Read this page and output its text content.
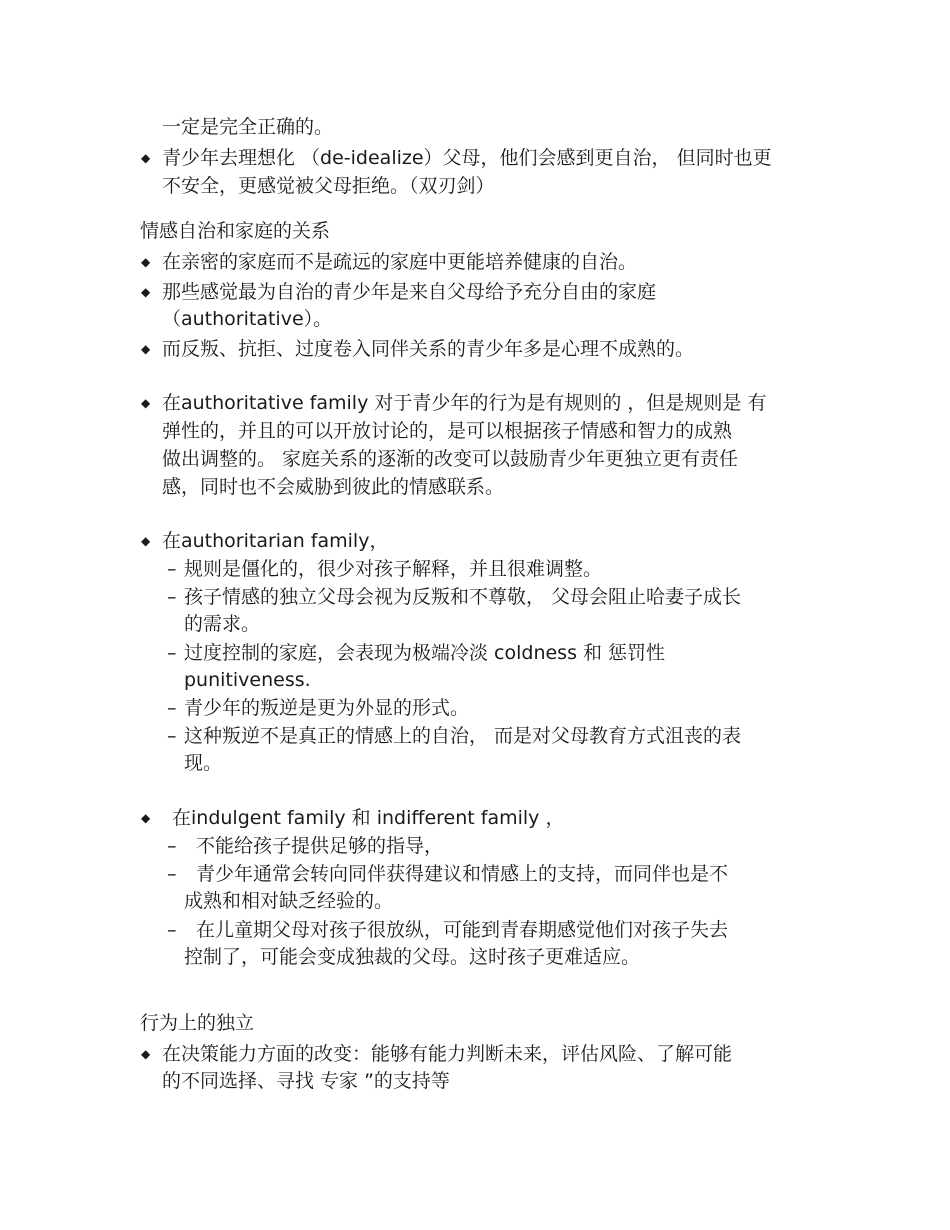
一定是完全正确的。
◆ 青少年去理想化 （de-idealize）父母，他们会感到更自治， 但同时也更
不安全，更感觉被父母拒绝。（双刃剑）
情感自治和家庭的关系
◆ 在亲密的家庭而不是疏远的家庭中更能培养健康的自治。
◆ 那些感觉最为自治的青少年是来自父母给予充分自由的家庭
（authoritative）。
◆ 而反叛、抗拒、过度卷入同伴关系的青少年多是心理不成熟的。
◆ 在authoritative family 对于青少年的行为是有规则的 ，但是规则是 有
弹性的，并且的可以开放讨论的，是可以根据孩子情感和智力的成熟
做出调整的。 家庭关系的逐渐的改变可以鼓励青少年更独立更有责任
感，同时也不会威胁到彼此的情感联系。
◆ 在authoritarian family，
– 规则是僵化的，很少对孩子解释，并且很难调整。
– 孩子情感的独立父母会视为反叛和不尊敬， 父母会阻止哈妻子成长
的需求。
– 过度控制的家庭，会表现为极端冷淡 coldness 和 惩罚性
punitiveness.
– 青少年的叛逆是更为外显的形式。
– 这种叛逆不是真正的情感上的自治， 而是对父母教育方式沮丧的表
现。
◆ 在indulgent family 和 indifferent family ，
– 不能给孩子提供足够的指导，
– 青少年通常会转向同伴获得建议和情感上的支持，而同伴也是不
成熟和相对缺乏经验的。
– 在儿童期父母对孩子很放纵，可能到青春期感觉他们对孩子失去
控制了，可能会变成独裁的父母。这时孩子更难适应。
行为上的独立
◆ 在决策能力方面的改变：能够有能力判断未来，评估风险、了解可能
的不同选择、寻找 专家 ”的支持等
